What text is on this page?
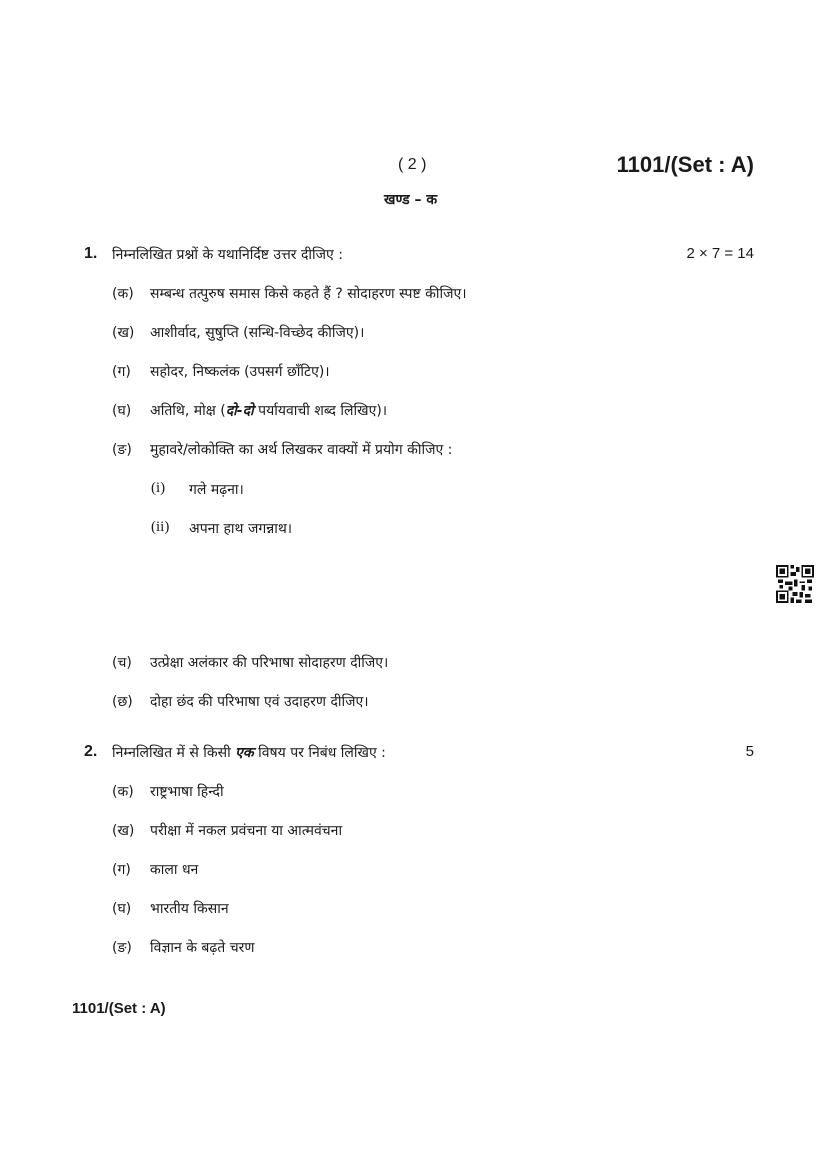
( 2 )	1101/(Set : A)
खण्ड – क
1. निम्नलिखित प्रश्नों के यथानिर्दिष्ट उत्तर दीजिए :	2 × 7 = 14
(क) सम्बन्ध तत्पुरुष समास किसे कहते हैं ? सोदाहरण स्पष्ट कीजिए।
(ख) आशीर्वाद, सुषुप्ति (सन्धि-विच्छेद कीजिए)।
(ग) सहोदर, निष्कलंक (उपसर्ग छाँटिए)।
(घ) अतिथि, मोक्ष (दो-दो पर्यायवाची शब्द लिखिए)।
(ङ) मुहावरे/लोकोक्ति का अर्थ लिखकर वाक्यों में प्रयोग कीजिए :
(i) गले मढ़ना।
(ii) अपना हाथ जगन्नाथ।
(च) उत्प्रेक्षा अलंकार की परिभाषा सोदाहरण दीजिए।
(छ) दोहा छंद की परिभाषा एवं उदाहरण दीजिए।
2. निम्नलिखित में से किसी एक विषय पर निबंध लिखिए :	5
(क) राष्ट्रभाषा हिन्दी
(ख) परीक्षा में नकल प्रवंचना या आत्मवंचना
(ग) काला धन
(घ) भारतीय किसान
(ङ) विज्ञान के बढ़ते चरण
1101/(Set : A)
